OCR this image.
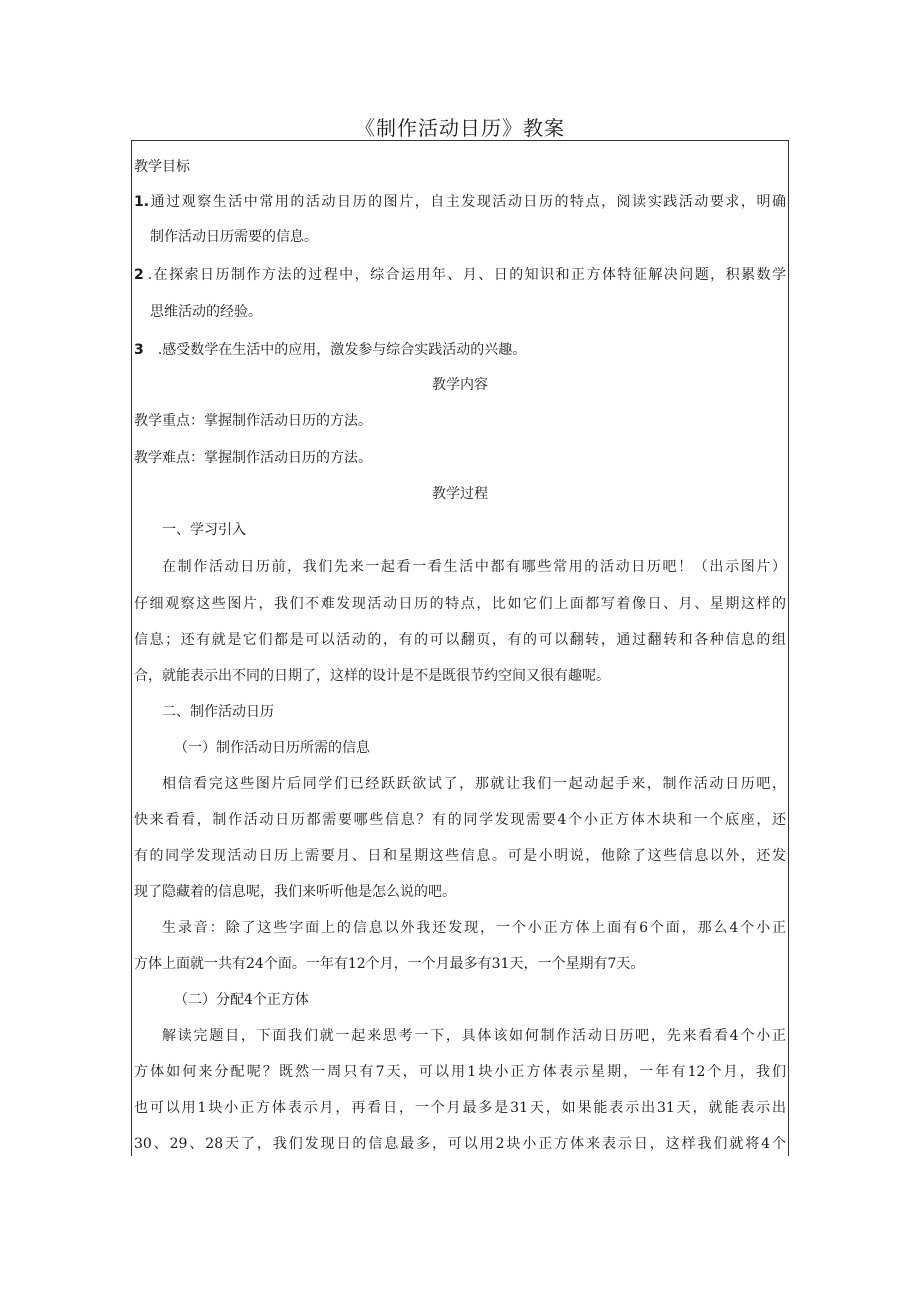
《制作活动日历》教案
教学目标
1.通过观察生活中常用的活动日历的图片，自主发现活动日历的特点，阅读实践活动要求，明确
制作活动日历需要的信息。
2 .在探索日历制作方法的过程中，综合运用年、月、日的知识和正方体特征解决问题，积累数学
思维活动的经验。
3 .感受数学在生活中的应用，激发参与综合实践活动的兴趣。
教学内容
教学重点：掌握制作活动日历的方法。
教学难点：掌握制作活动日历的方法。
教学过程
一、学习引入
在制作活动日历前，我们先来一起看一看生活中都有哪些常用的活动日历吧！（出示图片）
仔细观察这些图片，我们不难发现活动日历的特点，比如它们上面都写着像日、月、星期这样的
信息；还有就是它们都是可以活动的，有的可以翻页，有的可以翻转，通过翻转和各种信息的组
合，就能表示出不同的日期了，这样的设计是不是既很节约空间又很有趣呢。
二、制作活动日历
（一）制作活动日历所需的信息
相信看完这些图片后同学们已经跃跃欲试了，那就让我们一起动起手来，制作活动日历吧，
快来看看，制作活动日历都需要哪些信息？有的同学发现需要4个小正方体木块和一个底座，还
有的同学发现活动日历上需要月、日和星期这些信息。可是小明说，他除了这些信息以外，还发
现了隐藏着的信息呢，我们来听听他是怎么说的吧。
生录音：除了这些字面上的信息以外我还发现，一个小正方体上面有6个面，那么4个小正
方体上面就一共有24个面。一年有12个月，一个月最多有31天，一个星期有7天。
（二）分配4个正方体
解读完题目，下面我们就一起来思考一下，具体该如何制作活动日历吧，先来看看4个小正
方体如何来分配呢？既然一周只有7天，可以用1块小正方体表示星期，一年有12个月，我们
也可以用1块小正方体表示月，再看日，一个月最多是31天，如果能表示出31天，就能表示出
30、29、28天了，我们发现日的信息最多，可以用2块小正方体来表示日，这样我们就将4个
